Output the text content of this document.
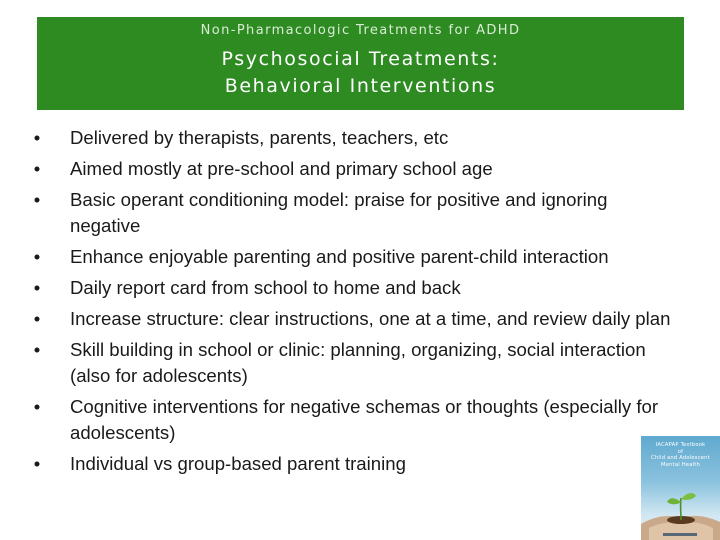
Non-Pharmacologic Treatments for ADHD
Psychosocial Treatments:
Behavioral Interventions
• Delivered by therapists, parents, teachers, etc
• Aimed mostly at pre-school and primary school age
• Basic operant conditioning model: praise for positive and ignoring negative
• Enhance enjoyable parenting and positive parent-child interaction
• Daily report card from school to home and back
• Increase structure: clear instructions, one at a time, and review daily plan
• Skill building in school or clinic: planning, organizing, social interaction (also for adolescents)
• Cognitive interventions for negative schemas or thoughts (especially for adolescents)
• Individual vs group-based parent training
IACAPAP Textbook
of
Child and Adolescent
Mental Health
